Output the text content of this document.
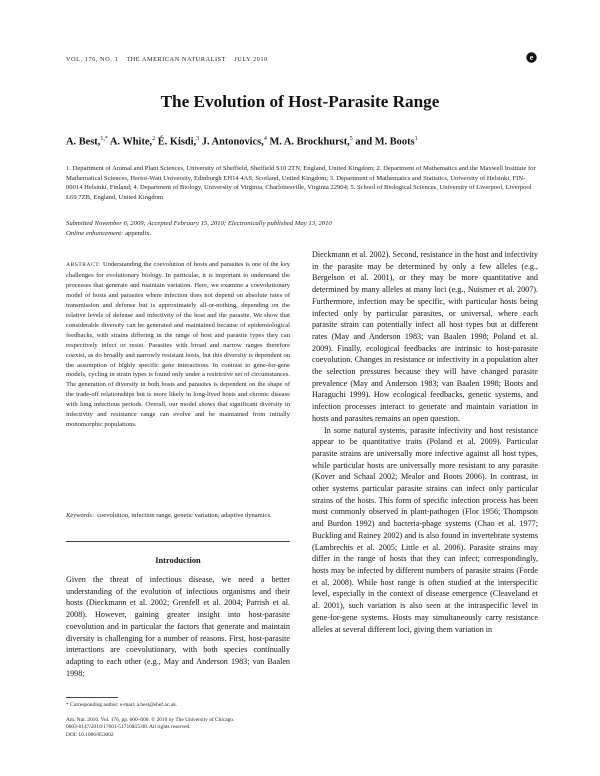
VOL. 176, NO. 1 THE AMERICAN NATURALIST JULY 2010	e
The Evolution of Host-Parasite Range
A. Best,$^{1,*}$ A. White,$^2$ É. Kisdi,$^3$ J. Antonovics,$^4$ M. A. Brockhurst,$^5$ and M. Boots$^1$
1. Department of Animal and Plant Sciences, University of Sheffield, Sheffield S10 2TN, England, United Kingdom; 2. Department of Mathematics and the Maxwell Institute for Mathematical Sciences, Heriot-Watt University, Edinburgh EH14 4AS, Scotland, United Kingdom; 3. Department of Mathematics and Statistics, University of Helsinki, FIN-00014 Helsinki, Finland; 4. Department of Biology, University of Virginia, Charlottesville, Virginia 22904; 5. School of Biological Sciences, University of Liverpool, Liverpool L69 7ZB, England, United Kingdom
Submitted November 6, 2009; Accepted February 15, 2010; Electronically published May 13, 2010
Online enhancement: appendix.
ABSTRACT: Understanding the coevolution of hosts and parasites is one of the key challenges for evolutionary biology. In particular, it is important to understand the processes that generate and maintain variation. Here, we examine a coevolutionary model of hosts and parasites where infection does not depend on absolute rates of transmission and defense but is approximately all-or-nothing, depending on the relative levels of defense and infectivity of the host and the parasite. We show that considerable diversity can be generated and maintained because of epidemiological feedbacks, with strains differing in the range of host and parasite types they can respectively infect or resist. Parasites with broad and narrow ranges therefore coexist, as do broadly and narrowly resistant hosts, but this diversity is dependent on the assumption of highly specific gene interactions. In contrast to gene-for-gene models, cycling in strain types is found only under a restrictive set of circumstances. The generation of diversity in both hosts and parasites is dependent on the shape of the trade-off relationships but is more likely in long-lived hosts and chronic disease with long infectious periods. Overall, our model shows that significant diversity in infectivity and resistance range can evolve and be maintained from initially monomorphic populations.
Keywords: coevolution, infection range, genetic variation, adaptive dynamics.
Introduction
Given the threat of infectious disease, we need a better understanding of the evolution of infectious organisms and their hosts (Dieckmann et al. 2002; Grenfell et al. 2004; Parrish et al. 2008). However, gaining greater insight into host-parasite coevolution and in particular the factors that generate and maintain diversity is challenging for a number of reasons. First, host-parasite interactions are coevolutionary, with both species continually adapting to each other (e.g., May and Anderson 1983; van Baalen 1998;
* Corresponding author; e-mail: a.best@shef.ac.uk.
Am. Nat. 2010. Vol. 176, pp. 000–000. © 2010 by The University of Chicago.
0003-0147/2010/17601-51710$15.00. All rights reserved.
DOI: 10.1086/653002

Dieckmann et al. 2002). Second, resistance in the host and infectivity in the parasite may be determined by only a few alleles (e.g., Bergelson et al. 2001), or they may be more quantitative and determined by many alleles at many loci (e.g., Nuismer et al. 2007). Furthermore, infection may be specific, with particular hosts being infected only by particular parasites, or universal, where each parasite strain can potentially infect all host types but at different rates (May and Anderson 1983; van Baalen 1998; Poland et al. 2009). Finally, ecological feedbacks are intrinsic to host-parasite coevolution. Changes in resistance or infectivity in a population alter the selection pressures because they will have changed parasite prevalence (May and Anderson 1983; van Baalen 1998; Boots and Haraguchi 1999). How ecological feedbacks, genetic systems, and infection processes interact to generate and maintain variation in hosts and parasites remains an open question.

In some natural systems, parasite infectivity and host resistance appear to be quantitative traits (Poland et al. 2009). Particular parasite strains are universally more infective against all host types, while particular hosts are universally more resistant to any parasite (Kover and Schaal 2002; Mealor and Boots 2006). In contrast, in other systems particular parasite strains can infect only particular strains of the hosts. This form of specific infection process has been most commonly observed in plant-pathogen (Flor 1956; Thompson and Burdon 1992) and bacteria-phage systems (Chao et al. 1977; Buckling and Rainey 2002) and is also found in invertebrate systems (Lambrechts et al. 2005; Little et al. 2006). Parasite strains may differ in the range of hosts that they can infect; correspondingly, hosts may be infected by different numbers of parasite strains (Forde et al. 2008). While host range is often studied at the interspecific level, especially in the context of disease emergence (Cleaveland et al. 2001), such variation is also seen at the intraspecific level in gene-for-gene systems. Hosts may simultaneously carry resistance alleles at several different loci, giving them variation in
